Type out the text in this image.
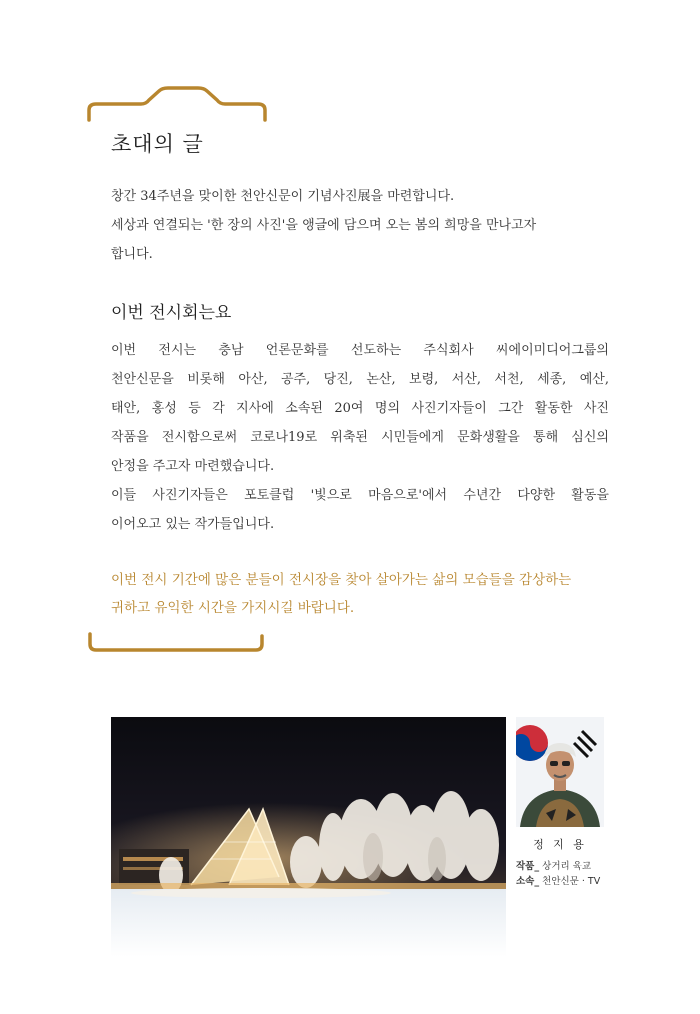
초대의 글

창간 34주년을 맞이한 천안신문이 기념사진展을 마련합니다.
세상과 연결되는 '한 장의 사진'을 앵글에 담으며 오는 봄의 희망을 만나고자
합니다.

이번 전시회는요

이번 전시는 충남 언론문화를 선도하는 주식회사 씨에이미디어그룹의
천안신문을 비롯해 아산, 공주, 당진, 논산, 보령, 서산, 서천, 세종, 예산,
태안, 홍성 등 각 지사에 소속된 20여 명의 사진기자들이 그간 활동한 사진
작품을 전시함으로써 코로나19로 위축된 시민들에게 문화생활을 통해 심신의
안정을 주고자 마련했습니다.
이들 사진기자들은 포토클럽 '빛으로 마음으로'에서 수년간 다양한 활동을
이어오고 있는 작가들입니다.

이번 전시 기간에 많은 분들이 전시장을 찾아 살아가는 삶의 모습들을 감상하는
귀하고 유익한 시간을 가지시길 바랍니다.

정 지 용
작품_ 상거리 육교
소속_ 천안신문 · TV
